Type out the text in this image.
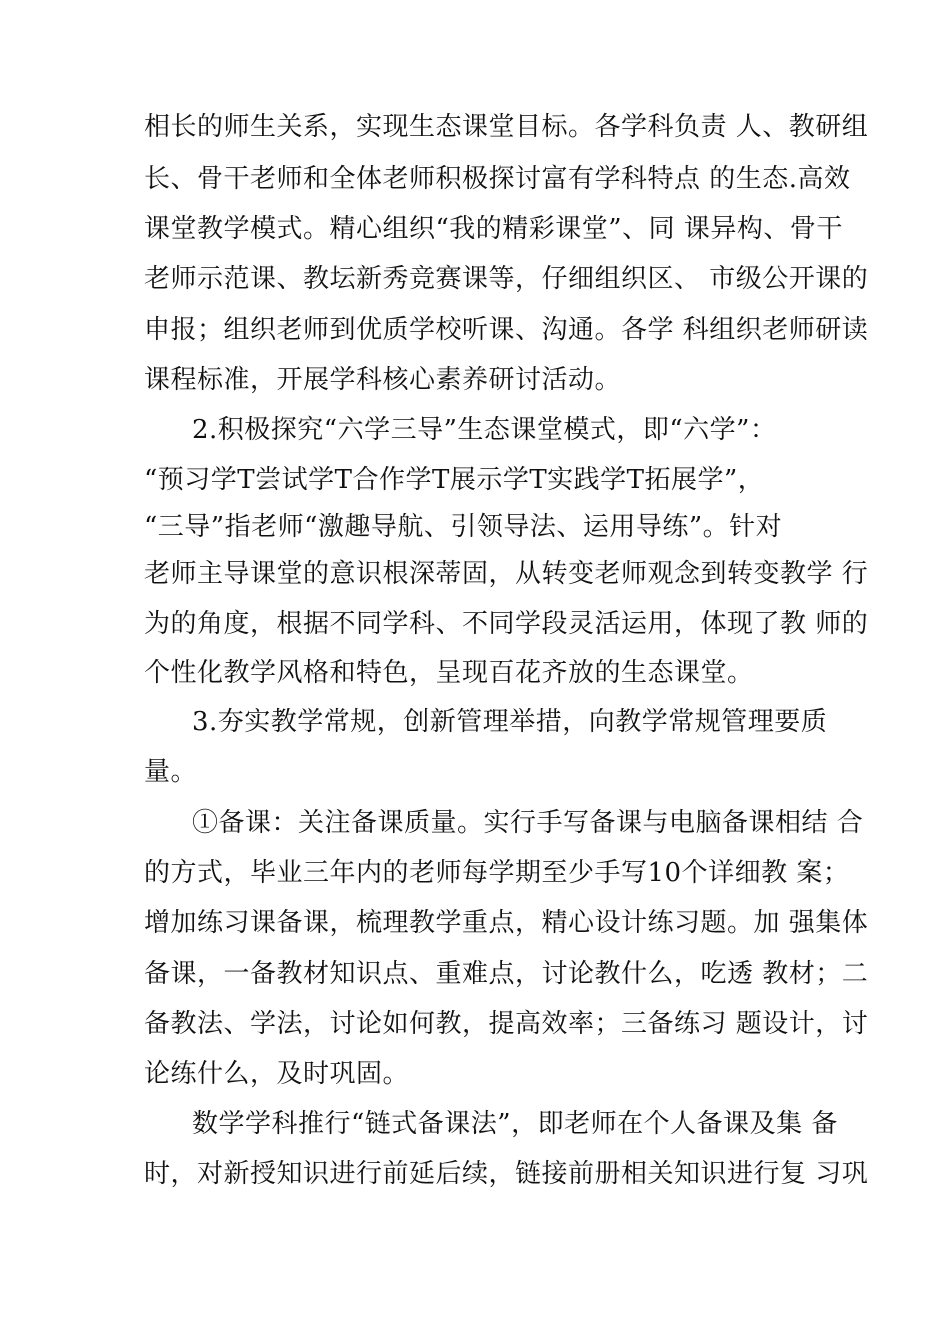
相长的师生关系，实现生态课堂目标。各学科负责 人、教研组
长、骨干老师和全体老师积极探讨富有学科特点 的生态.高效
课堂教学模式。精心组织“我的精彩课堂”、同 课异构、骨干
老师示范课、教坛新秀竞赛课等，仔细组织区、 市级公开课的
申报；组织老师到优质学校听课、沟通。各学 科组织老师研读
课程标准，开展学科核心素养研讨活动。
2.积极探究“六学三导”生态课堂模式，即“六学”：
“预习学T尝试学T合作学T展示学T实践学T拓展学”，
“三导”指老师“激趣导航、引领导法、运用导练”。针对
老师主导课堂的意识根深蒂固，从转变老师观念到转变教学 行
为的角度，根据不同学科、不同学段灵活运用，体现了教 师的
个性化教学风格和特色，呈现百花齐放的生态课堂。
3.夯实教学常规，创新管理举措，向教学常规管理要质
量。
①备课：关注备课质量。实行手写备课与电脑备课相结 合
的方式，毕业三年内的老师每学期至少手写10个详细教 案；
增加练习课备课，梳理教学重点，精心设计练习题。加 强集体
备课，一备教材知识点、重难点，讨论教什么，吃透 教材；二
备教法、学法，讨论如何教，提高效率；三备练习 题设计，讨
论练什么，及时巩固。
数学学科推行“链式备课法”，即老师在个人备课及集 备
时，对新授知识进行前延后续，链接前册相关知识进行复 习巩
